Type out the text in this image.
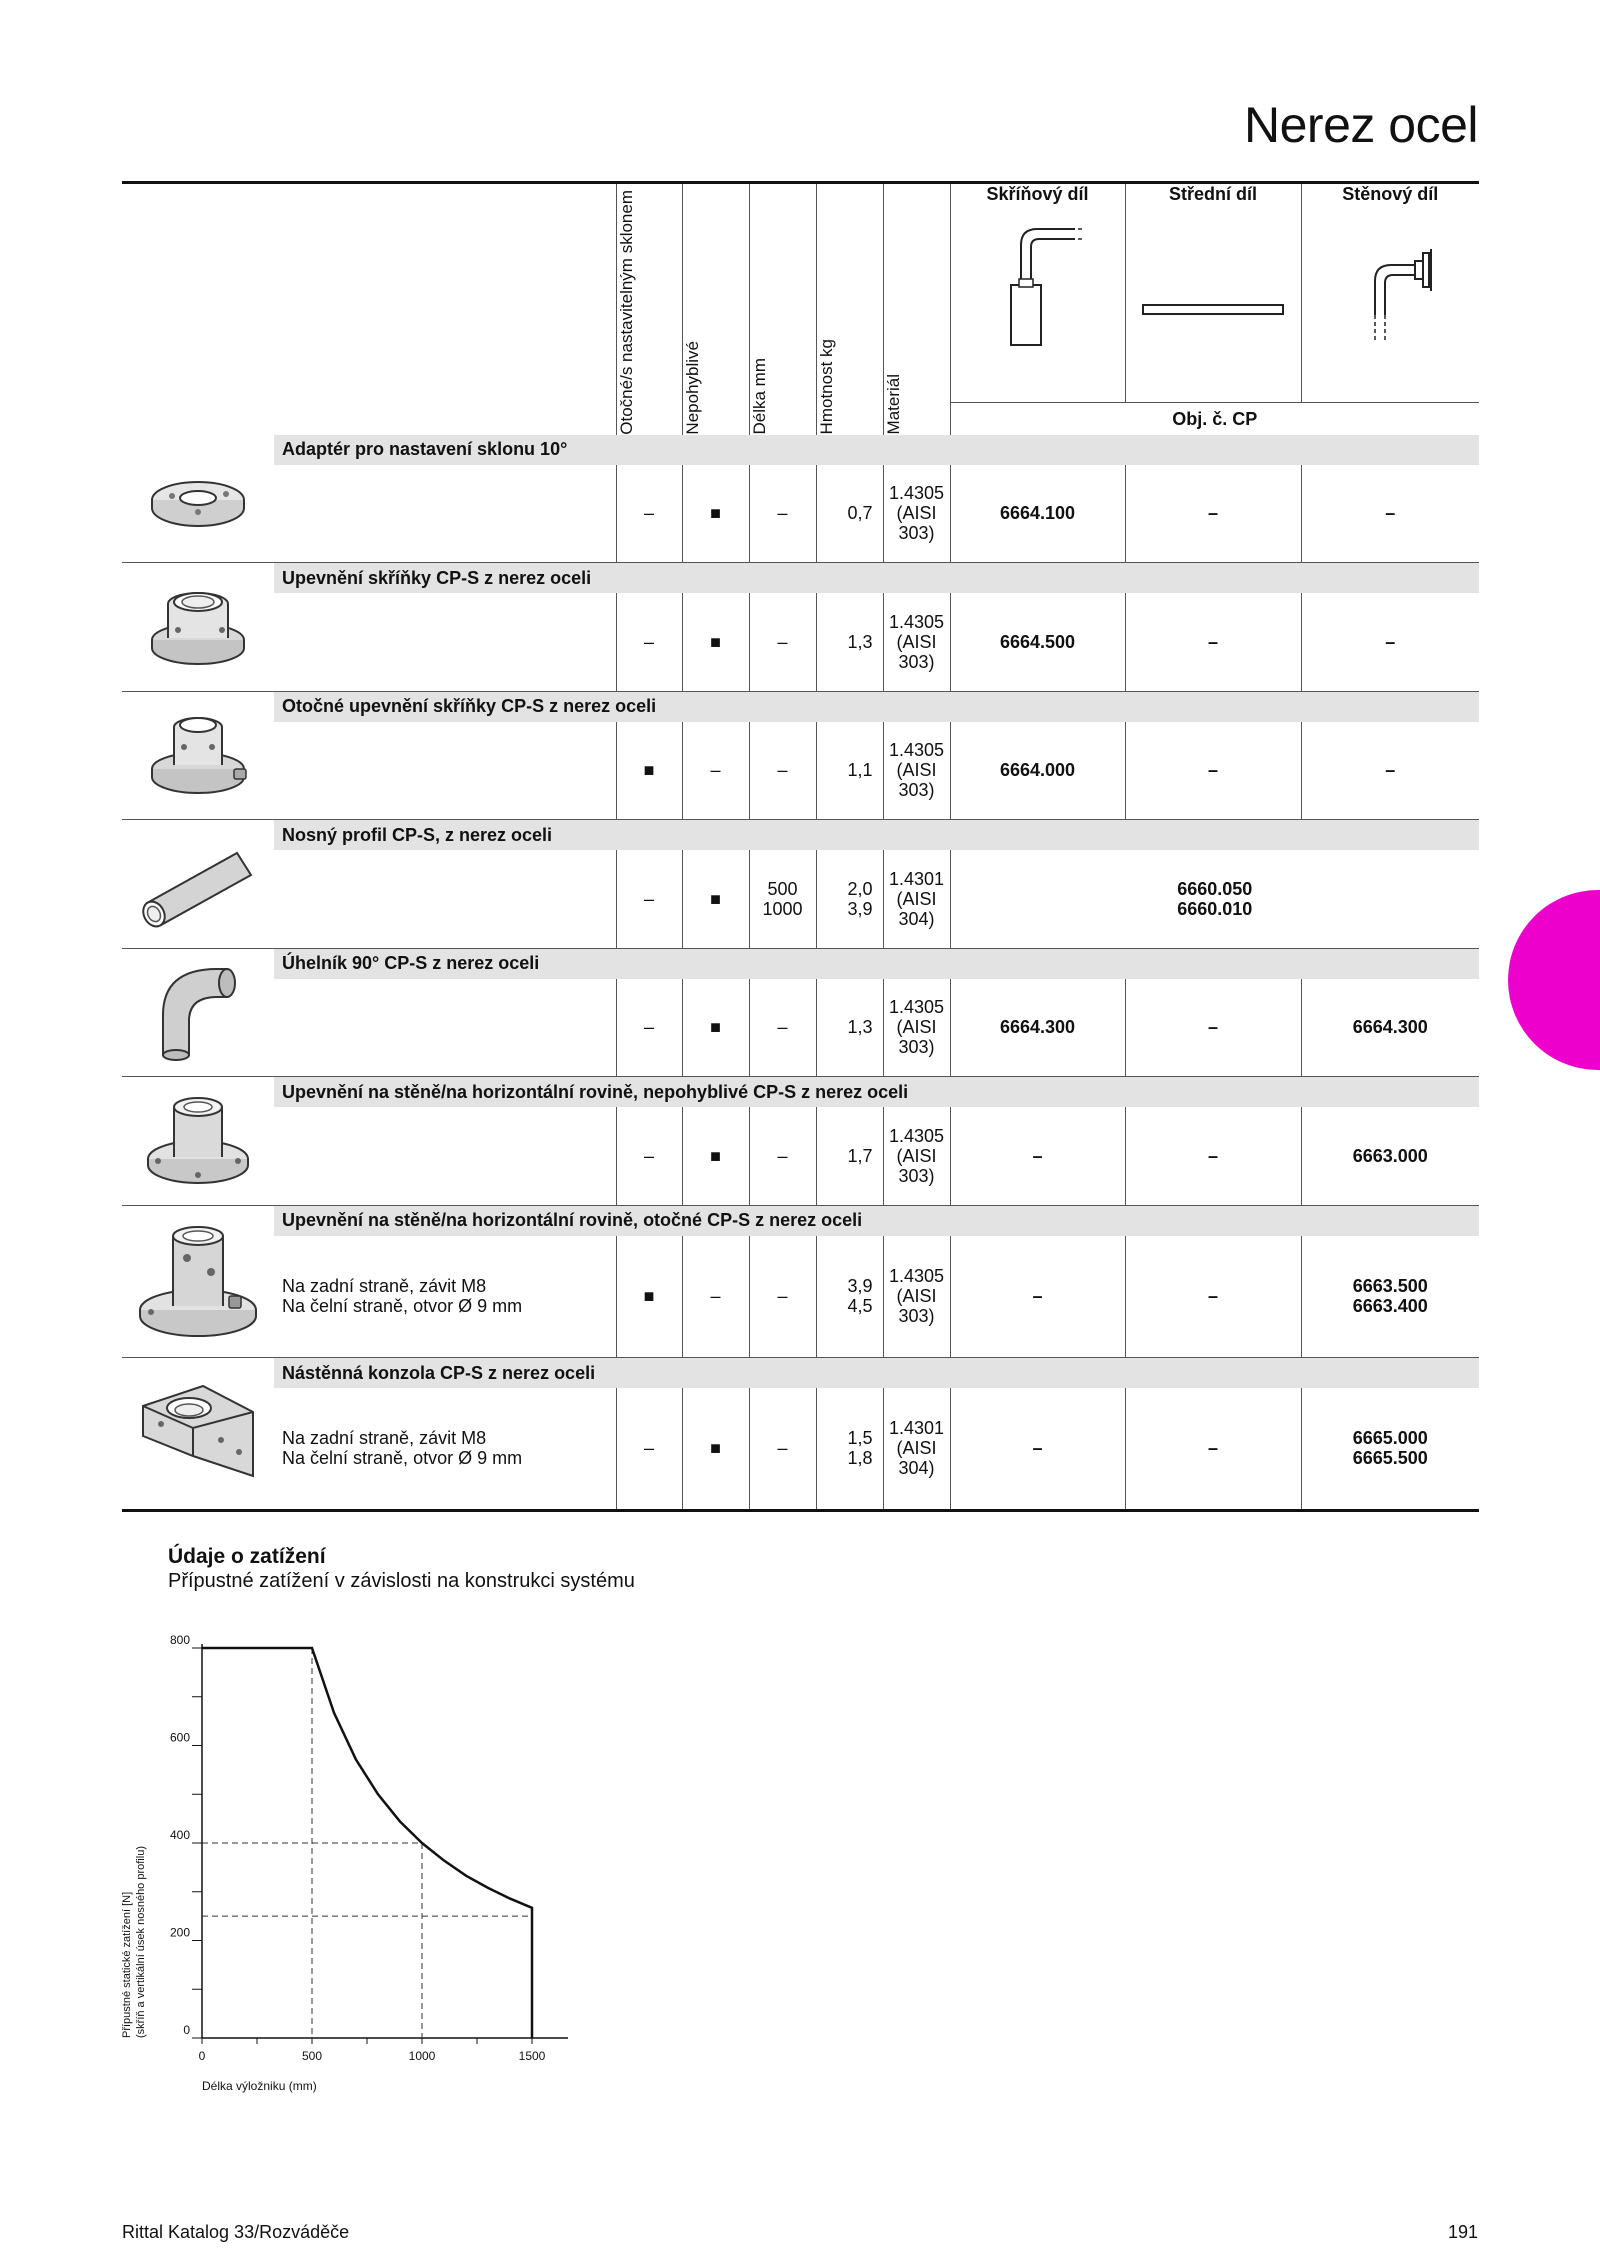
Nerez ocel

		Otočné/s nastavitelným sklonem	Nepohyblivé	Délka mm	Hmotnost kg	Materiál	Skříňový díl	Střední díl	Stěnový díl

							Obj. č. CP		
	Adaptér pro nastavení sklonu 10°								
		–	■	–	0,7	1.4305
(AISI
303)	6664.100	–	–
	Upevnění skříňky CP-S z nerez oceli								
		–	■	–	1,3	1.4305
(AISI
303)	6664.500	–	–
	Otočné upevnění skříňky CP-S z nerez oceli								
		■	–	–	1,1	1.4305
(AISI
303)	6664.000	–	–
	Nosný profil CP-S, z nerez oceli								
		–	■	500
1000	2,0
3,9	1.4301
(AISI
304)	6660.050
6660.010		
	Úhelník 90° CP-S z nerez oceli								
		–	■	–	1,3	1.4305
(AISI
303)	6664.300	–	6664.300
	Upevnění na stěně/na horizontální rovině, nepohyblivé CP-S z nerez oceli								
		–	■	–	1,7	1.4305
(AISI
303)	–	–	6663.000
	Upevnění na stěně/na horizontální rovině, otočné CP-S z nerez oceli								
	Na zadní straně, závit M8
Na čelní straně, otvor Ø 9 mm	■	–	–	3,9
4,5	1.4305
(AISI
303)	–	–	6663.500
6663.400
	Nástěnná konzola CP-S z nerez oceli								
	Na zadní straně, závit M8
Na čelní straně, otvor Ø 9 mm	–	■	–	1,5
1,8	1.4301
(AISI
304)	–	–	6665.000
6665.500
Údaje o zatížení
Přípustné zatížení v závislosti na konstrukci systému
0
200
400
600
800
0	500	1000	1500
Délka výložniku (mm)
Přípustné statické zatížení [N] (skříň a vertikální úsek nosného profilu)
Rittal Katalog 33/Rozváděče	191
